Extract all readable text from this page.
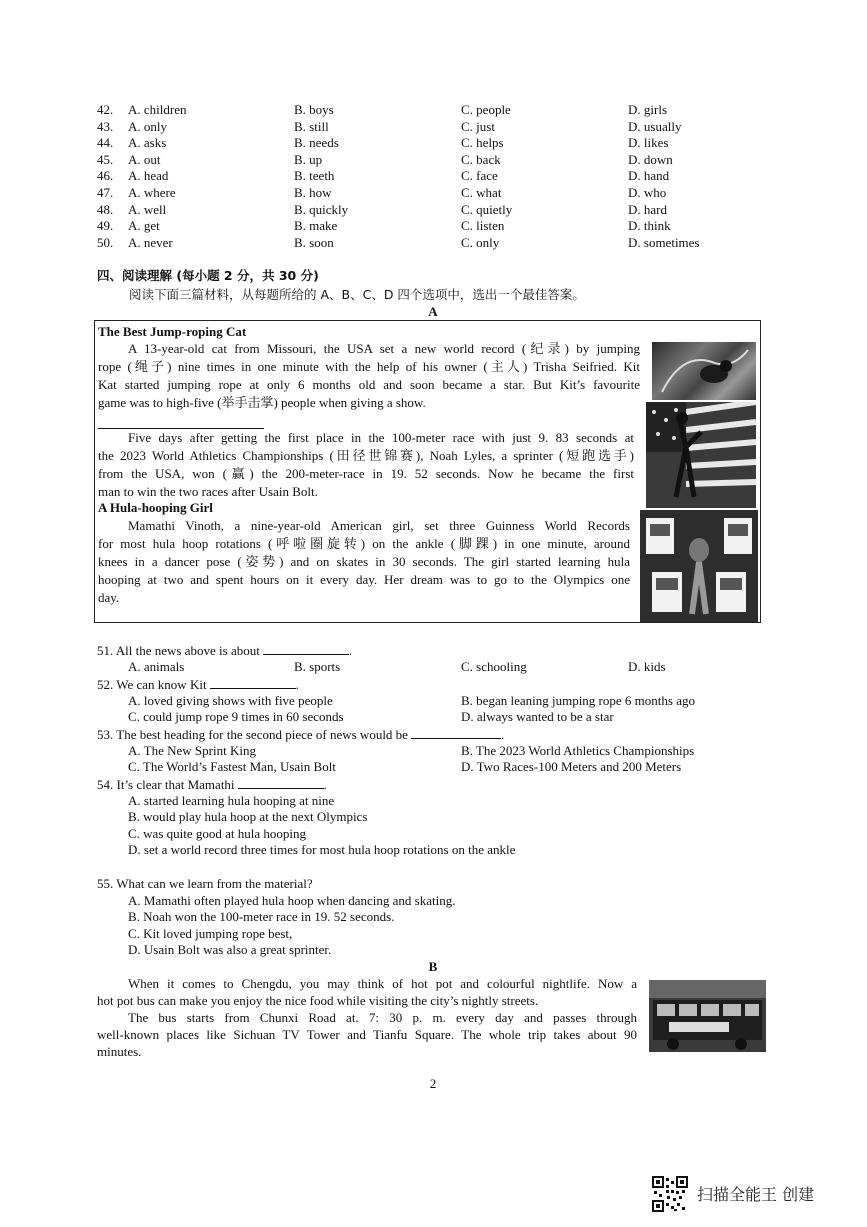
42. A. children	B. boys	C. people	D. girls
43. A. only	B. still	C. just	D. usually
44. A. asks	B. needs	C. helps	D. likes
45. A. out	B. up	C. back	D. down
46. A. head	B. teeth	C. face	D. hand
47. A. where	B. how	C. what	D. who
48. A. well	B. quickly	C. quietly	D. hard
49. A. get	B. make	C. listen	D. think
50. A. never	B. soon	C. only	D. sometimes
四、阅读理解 (每小题 2 分，共 30 分)
阅读下面三篇材料，从每题所给的 A、B、C、D 四个选项中，选出一个最佳答案。
A
The Best Jump-roping Cat
A 13-year-old cat from Missouri, the USA set a new world record (纪录) by jumping
rope (绳子) nine times in one minute with the help of his owner (主人) Trisha Seifried. Kit
Kat started jumping rope at only 6 months old and soon became a star. But Kit’s favourite
game was to high-five (举手击掌) people when giving a show.
Five days after getting the first place in the 100-meter race with just 9. 83 seconds at
the 2023 World Athletics Championships (田径世锦赛), Noah Lyles, a sprinter (短跑选手)
from the USA, won (赢) the 200-meter-race in 19. 52 seconds. Now he became the first
man to win the two races after Usain Bolt.
A Hula-hooping Girl
Mamathi Vinoth, a nine-year-old American girl, set three Guinness World Records
for most hula hoop rotations (呼啦圈旋转) on the ankle (脚踝) in one minute, around
knees in a dancer pose (姿势) and on skates in 30 seconds. The girl started learning hula
hooping at two and spent hours on it every day. Her dream was to go to the Olympics one
day.
51. All the news above is about	.
A. animals	B. sports	C. schooling	D. kids
52. We can know Kit	.
A. loved giving shows with five people	B. began leaning jumping rope 6 months ago
C. could jump rope 9 times in 60 seconds	D. always wanted to be a star
53. The best heading for the second piece of news would be	.
A. The New Sprint King	B. The 2023 World Athletics Championships
C. The World’s Fastest Man, Usain Bolt	D. Two Races-100 Meters and 200 Meters
54. It’s clear that Mamathi	.
A. started learning hula hooping at nine
B. would play hula hoop at the next Olympics
C. was quite good at hula hooping
D. set a world record three times for most hula hoop rotations on the ankle
55. What can we learn from the material?
A. Mamathi often played hula hoop when dancing and skating.
B. Noah won the 100-meter race in 19. 52 seconds.
C. Kit loved jumping rope best,
D. Usain Bolt was also a great sprinter.
B
When it comes to Chengdu, you may think of hot pot and colourful nightlife. Now a
hot pot bus can make you enjoy the nice food while visiting the city’s nightly streets.
The bus starts from Chunxi Road at. 7: 30 p. m. every day and passes through
well-known places like Sichuan TV Tower and Tianfu Square. The whole trip takes about 90
minutes.
2
扫描全能王 创建
